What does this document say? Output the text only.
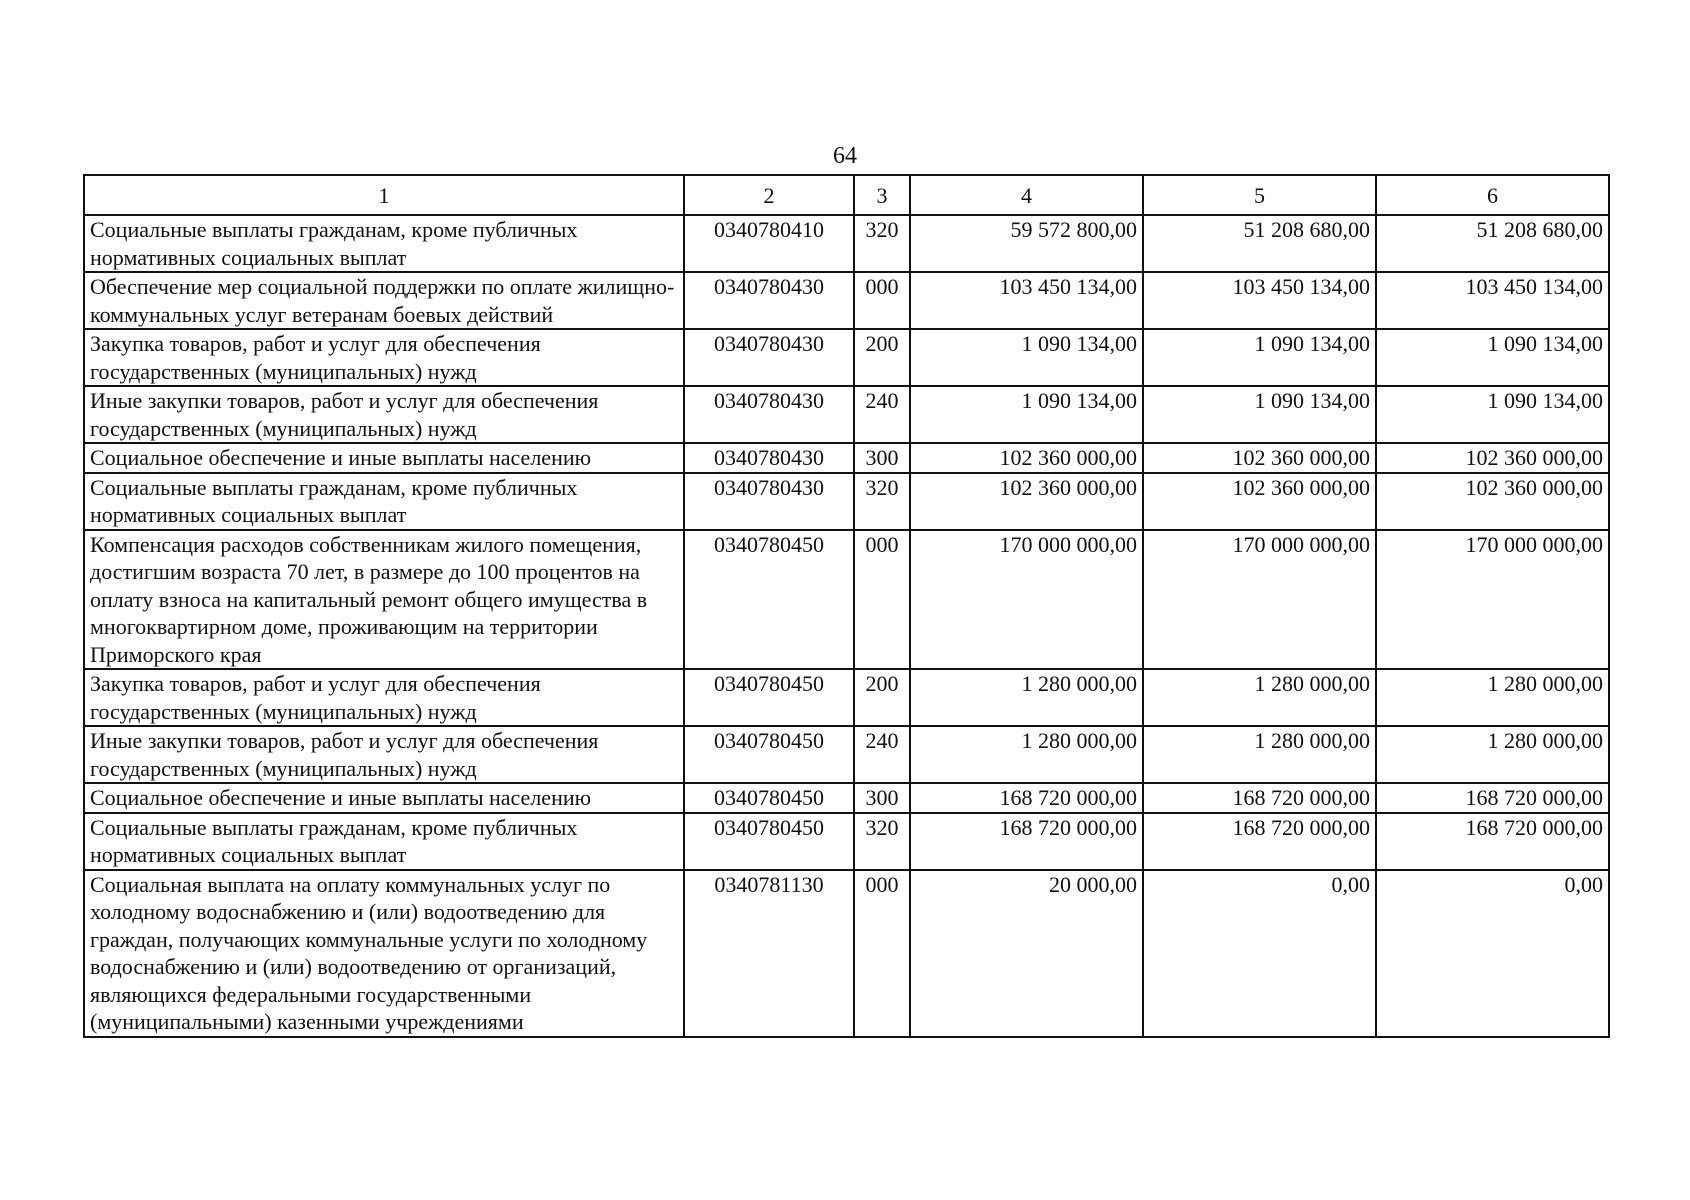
64
1	2	3	4	5	6
Социальные выплаты гражданам, кроме публичных нормативных социальных выплат	0340780410	320	59 572 800,00	51 208 680,00	51 208 680,00
Обеспечение мер социальной поддержки по оплате жилищно-коммунальных услуг ветеранам боевых действий	0340780430	000	103 450 134,00	103 450 134,00	103 450 134,00
Закупка товаров, работ и услуг для обеспечения государственных (муниципальных) нужд	0340780430	200	1 090 134,00	1 090 134,00	1 090 134,00
Иные закупки товаров, работ и услуг для обеспечения государственных (муниципальных) нужд	0340780430	240	1 090 134,00	1 090 134,00	1 090 134,00
Социальное обеспечение и иные выплаты населению	0340780430	300	102 360 000,00	102 360 000,00	102 360 000,00
Социальные выплаты гражданам, кроме публичных нормативных социальных выплат	0340780430	320	102 360 000,00	102 360 000,00	102 360 000,00
Компенсация расходов собственникам жилого помещения, достигшим возраста 70 лет, в размере до 100 процентов на оплату взноса на капитальный ремонт общего имущества в многоквартирном доме, проживающим на территории Приморского края	0340780450	000	170 000 000,00	170 000 000,00	170 000 000,00
Закупка товаров, работ и услуг для обеспечения государственных (муниципальных) нужд	0340780450	200	1 280 000,00	1 280 000,00	1 280 000,00
Иные закупки товаров, работ и услуг для обеспечения государственных (муниципальных) нужд	0340780450	240	1 280 000,00	1 280 000,00	1 280 000,00
Социальное обеспечение и иные выплаты населению	0340780450	300	168 720 000,00	168 720 000,00	168 720 000,00
Социальные выплаты гражданам, кроме публичных нормативных социальных выплат	0340780450	320	168 720 000,00	168 720 000,00	168 720 000,00
Социальная выплата на оплату коммунальных услуг по холодному водоснабжению и (или) водоотведению для граждан, получающих коммунальные услуги по холодному водоснабжению и (или) водоотведению от организаций, являющихся федеральными государственными (муниципальными) казенными учреждениями	0340781130	000	20 000,00	0,00	0,00
